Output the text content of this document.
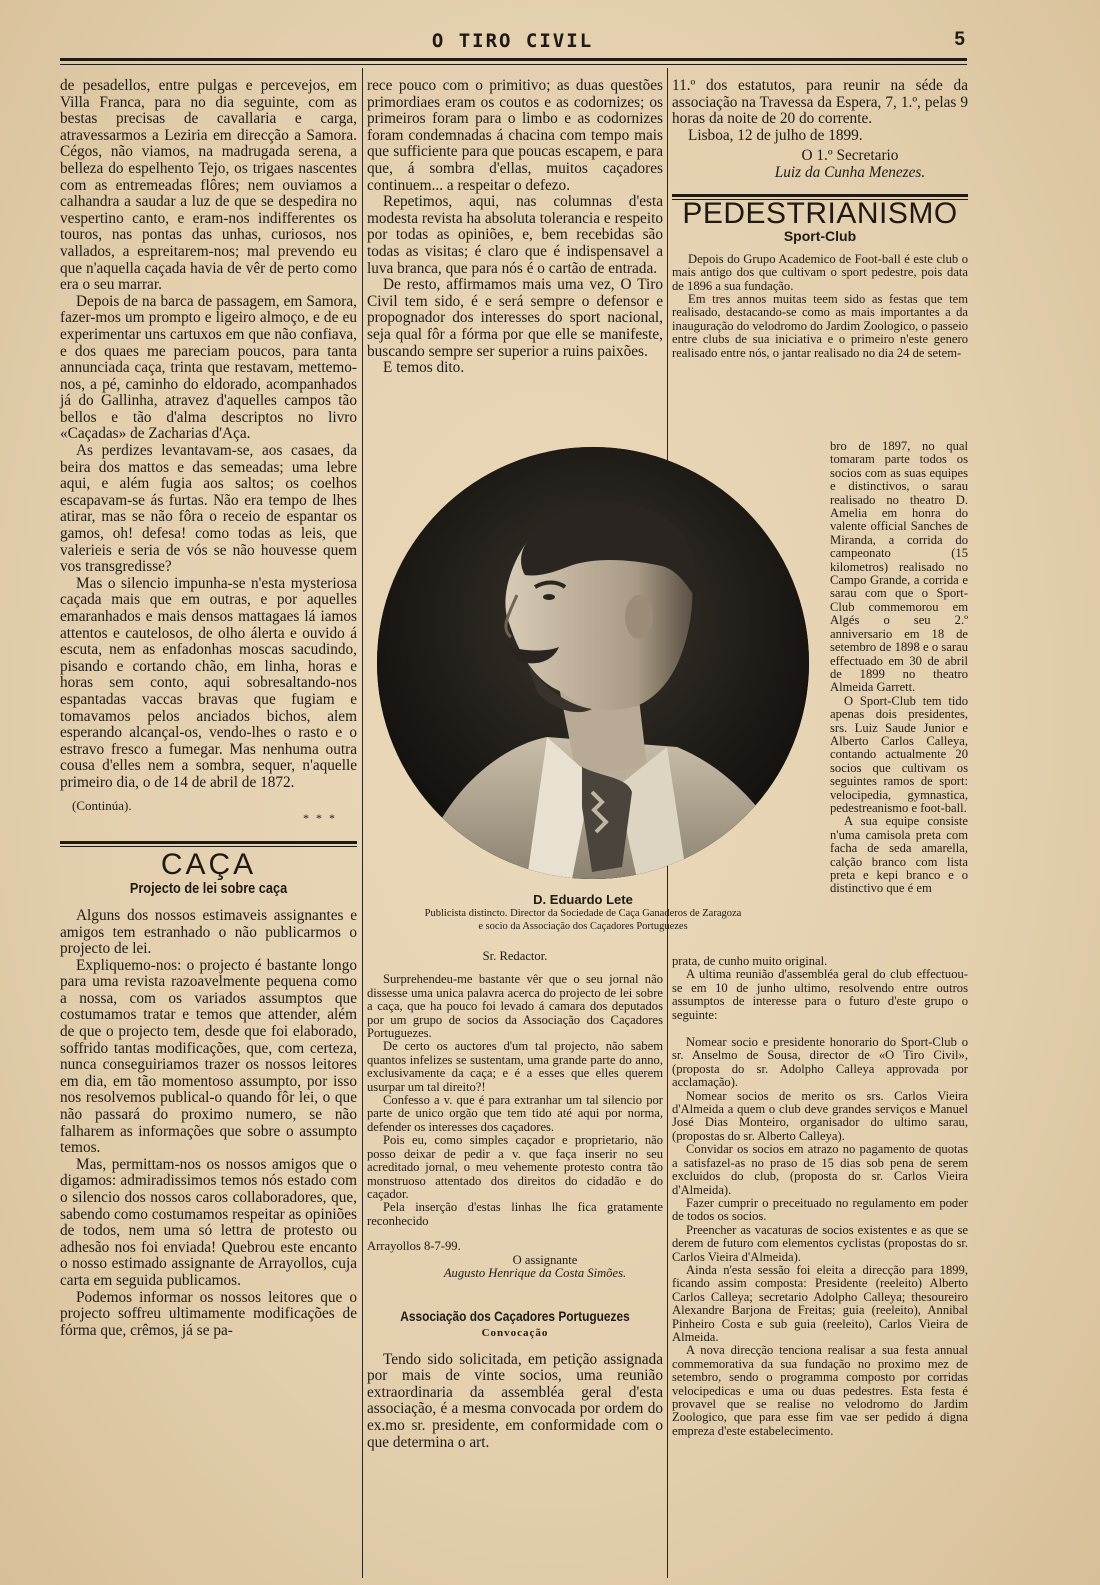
O TIRO CIVIL	5

de pesadellos, entre pulgas e percevejos, em Villa Franca, para no dia seguinte, com as bestas precisas de cavallaria e carga, atravessarmos a Leziria em direcção a Samora. Cégos, não viamos, na madrugada serena, a belleza do espelhento Tejo, os trigaes nascentes com as entremeadas flôres; nem ouviamos a calhandra a saudar a luz de que se despedira no vespertino canto, e eram-nos indifferentes os touros, nas pontas das unhas, curiosos, nos vallados, a espreitarem-nos; mal prevendo eu que n'aquella caçada havia de vêr de perto como era o seu marrar.

Depois de na barca de passagem, em Samora, fazer-mos um prompto e ligeiro almoço, e de eu experimentar uns cartuxos em que não confiava, e dos quaes me pareciam poucos, para tanta annunciada caça, trinta que restavam, mettemo-nos, a pé, caminho do eldorado, acompanhados já do Gallinha, atravez d'aquelles campos tão bellos e tão d'alma descriptos no livro «Caçadas» de Zacharias d'Aça.

As perdizes levantavam-se, aos casaes, da beira dos mattos e das semeadas; uma lebre aqui, e além fugia aos saltos; os coelhos escapavam-se ás furtas. Não era tempo de lhes atirar, mas se não fôra o receio de espantar os gamos, oh! defesa! como todas as leis, que valerieis e seria de vós se não houvesse quem vos transgredisse?

Mas o silencio impunha-se n'esta mysteriosa caçada mais que em outras, e por aquelles emaranhados e mais densos mattagaes lá iamos attentos e cautelosos, de olho álerta e ouvido á escuta, nem as enfadonhas moscas sacudindo, pisando e cortando chão, em linha, horas e horas sem conto, aqui sobresaltando-nos espantadas vaccas bravas que fugiam e tomavamos pelos anciados bichos, alem esperando alcançal-os, vendo-lhes o rasto e o estravo fresco a fumegar. Mas nenhuma outra cousa d'elles nem a sombra, sequer, n'aquelle primeiro dia, o de 14 de abril de 1872.

(Continúa).
* * *
CAÇA
Projecto de lei sobre caça

Alguns dos nossos estimaveis assignantes e amigos tem estranhado o não publicarmos o projecto de lei.

Expliquemo-nos: o projecto é bastante longo para uma revista razoavelmente pequena como a nossa, com os variados assumptos que costumamos tratar e temos que attender, além de que o projecto tem, desde que foi elaborado, soffrido tantas modificações, que, com certeza, nunca conseguiriamos trazer os nossos leitores em dia, em tão momentoso assumpto, por isso nos resolvemos publical-o quando fôr lei, o que não passará do proximo numero, se não falharem as informações que sobre o assumpto temos.

Mas, permittam-nos os nossos amigos que o digamos: admiradissimos temos nós estado com o silencio dos nossos caros collaboradores, que, sabendo como costumamos respeitar as opiniões de todos, nem uma só lettra de protesto ou adhesão nos foi enviada! Quebrou este encanto o nosso estimado assignante de Arrayollos, cuja carta em seguida publicamos.

Podemos informar os nossos leitores que o projecto soffreu ultimamente modificações de fórma que, crêmos, já se pa-

rece pouco com o primitivo; as duas questões primordiaes eram os coutos e as codornizes; os primeiros foram para o limbo e as codornizes foram condemnadas á chacina com tempo mais que sufficiente para que poucas escapem, e para que, á sombra d'ellas, muitos caçadores continuem... a respeitar o defezo.

Repetimos, aqui, nas columnas d'esta modesta revista ha absoluta tolerancia e respeito por todas as opiniões, e, bem recebidas são todas as visitas; é claro que é indispensavel a luva branca, que para nós é o cartão de entrada.

De resto, affirmamos mais uma vez, O Tiro Civil tem sido, é e será sempre o defensor e propognador dos interesses do sport nacional, seja qual fôr a fórma por que elle se manifeste, buscando sempre ser superior a ruins paixões.

E temos dito.

D. Eduardo Lete
Publicista distincto. Director da Sociedade de Caça Ganaderos de Zaragoza
e socio da Associação dos Caçadores Portuguezes
Sr. Redactor.

Surprehendeu-me bastante vêr que o seu jornal não dissesse uma unica palavra acerca do projecto de lei sobre a caça, que ha pouco foi levado á camara dos deputados por um grupo de socios da Associação dos Caçadores Portuguezes.

De certo os auctores d'um tal projecto, não sabem quantos infelizes se sustentam, uma grande parte do anno, exclusivamente da caça; e é a esses que elles querem usurpar um tal direito?!

Confesso a v. que é para extranhar um tal silencio por parte de unico orgão que tem tido até aqui por norma, defender os interesses dos caçadores.

Pois eu, como simples caçador e proprietario, não posso deixar de pedir a v. que faça inserir no seu acreditado jornal, o meu vehemente protesto contra tão monstruoso attentado dos direitos do cidadão e do caçador.

Pela inserção d'estas linhas lhe fica gratamente reconhecido

Arrayollos 8-7-99.
O assignante
Augusto Henrique da Costa Simões.
Associação dos Caçadores Portuguezes
Convocação

Tendo sido solicitada, em petição assignada por mais de vinte socios, uma reunião extraordinaria da assembléa geral d'esta associação, é a mesma convocada por ordem do ex.mo sr. presidente, em conformidade com o que determina o art.

11.º dos estatutos, para reunir na séde da associação na Travessa da Espera, 7, 1.º, pelas 9 horas da noite de 20 do corrente.

Lisboa, 12 de julho de 1899.

O 1.º Secretario
Luiz da Cunha Menezes.
PEDESTRIANISMO
Sport-Club

Depois do Grupo Academico de Foot-ball é este club o mais antigo dos que cultivam o sport pedestre, pois data de 1896 a sua fundação.

Em tres annos muitas teem sido as festas que tem realisado, destacando-se como as mais importantes a da inauguração do velodromo do Jardim Zoologico, o passeio entre clubs de sua iniciativa e o primeiro n'este genero realisado entre nós, o jantar realisado no dia 24 de setem-

bro de 1897, no qual tomaram parte todos os socios com as suas equipes e distinctivos, o sarau realisado no theatro D. Amelia em honra do valente official Sanches de Miranda, a corrida do campeonato (15 kilometros) realisado no Campo Grande, a corrida e sarau com que o Sport-Club commemorou em Algés o seu 2.º anniversario em 18 de setembro de 1898 e o sarau effectuado em 30 de abril de 1899 no theatro Almeida Garrett.

O Sport-Club tem tido apenas dois presidentes, srs. Luiz Saude Junior e Alberto Carlos Calleya, contando actualmente 20 socios que cultivam os seguintes ramos de sport: velocipedia, gymnastica, pedestreanismo e foot-ball.

A sua equipe consiste n'uma camisola preta com facha de seda amarella, calção branco com lista preta e kepi branco e o distinctivo que é em

prata, de cunho muito original.

A ultima reunião d'assembléa geral do club effectuou-se em 10 de junho ultimo, resolvendo entre outros assumptos de interesse para o futuro d'este grupo o seguinte:

Nomear socio e presidente honorario do Sport-Club o sr. Anselmo de Sousa, director de «O Tiro Civil», (proposta do sr. Adolpho Calleya approvada por acclamação).

Nomear socios de merito os srs. Carlos Vieira d'Almeida a quem o club deve grandes serviços e Manuel José Dias Monteiro, organisador do ultimo sarau, (propostas do sr. Alberto Calleya).

Convidar os socios em atrazo no pagamento de quotas a satisfazel-as no praso de 15 dias sob pena de serem excluidos do club, (proposta do sr. Carlos Vieira d'Almeida).

Fazer cumprir o preceituado no regulamento em poder de todos os socios.

Preencher as vacaturas de socios existentes e as que se derem de futuro com elementos cyclistas (propostas do sr. Carlos Vieira d'Almeida).

Ainda n'esta sessão foi eleita a direcção para 1899, ficando assim composta: Presidente (reeleito) Alberto Carlos Calleya; secretario Adolpho Calleya; thesoureiro Alexandre Barjona de Freitas; guia (reeleito), Annibal Pinheiro Costa e sub guia (reeleito), Carlos Vieira de Almeida.

A nova direcção tenciona realisar a sua festa annual commemorativa da sua fundação no proximo mez de setembro, sendo o programma composto por corridas velocipedicas e uma ou duas pedestres. Esta festa é provavel que se realise no velodromo do Jardim Zoologico, que para esse fim vae ser pedido á digna empreza d'este estabelecimento.
